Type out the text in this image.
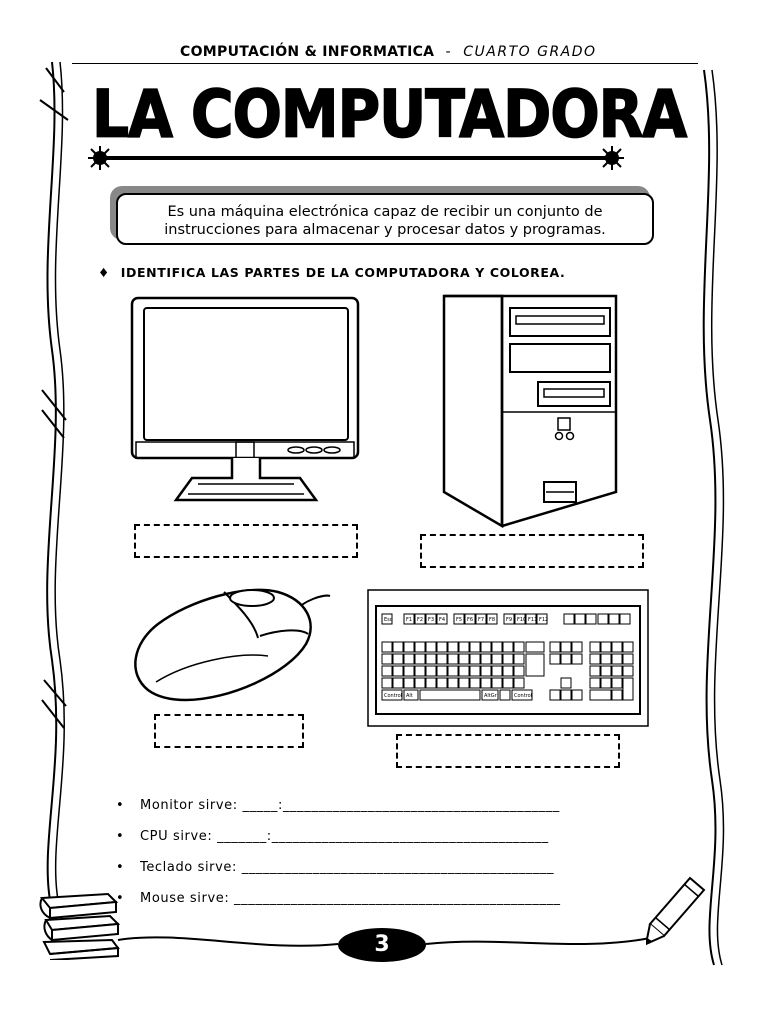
COMPUTACIÓN & INFORMATICA - CUARTO GRADO
LA COMPUTADORA
Es una máquina electrónica capaz de recibir un conjunto de
instrucciones para almacenar y procesar datos y programas.
♦ IDENTIFICA LAS PARTES DE LA COMPUTADORA Y COLOREA.
Esc	F1 F2 F3 F4 F5 F6 F7 F8 F9 F10 F11 F12
Control Alt	AltGr	Control
• Monitor sirve: _____:_______________________________________
• CPU sirve: _______:_______________________________________
• Teclado sirve: ____________________________________________
• Mouse sirve: ______________________________________________
3
